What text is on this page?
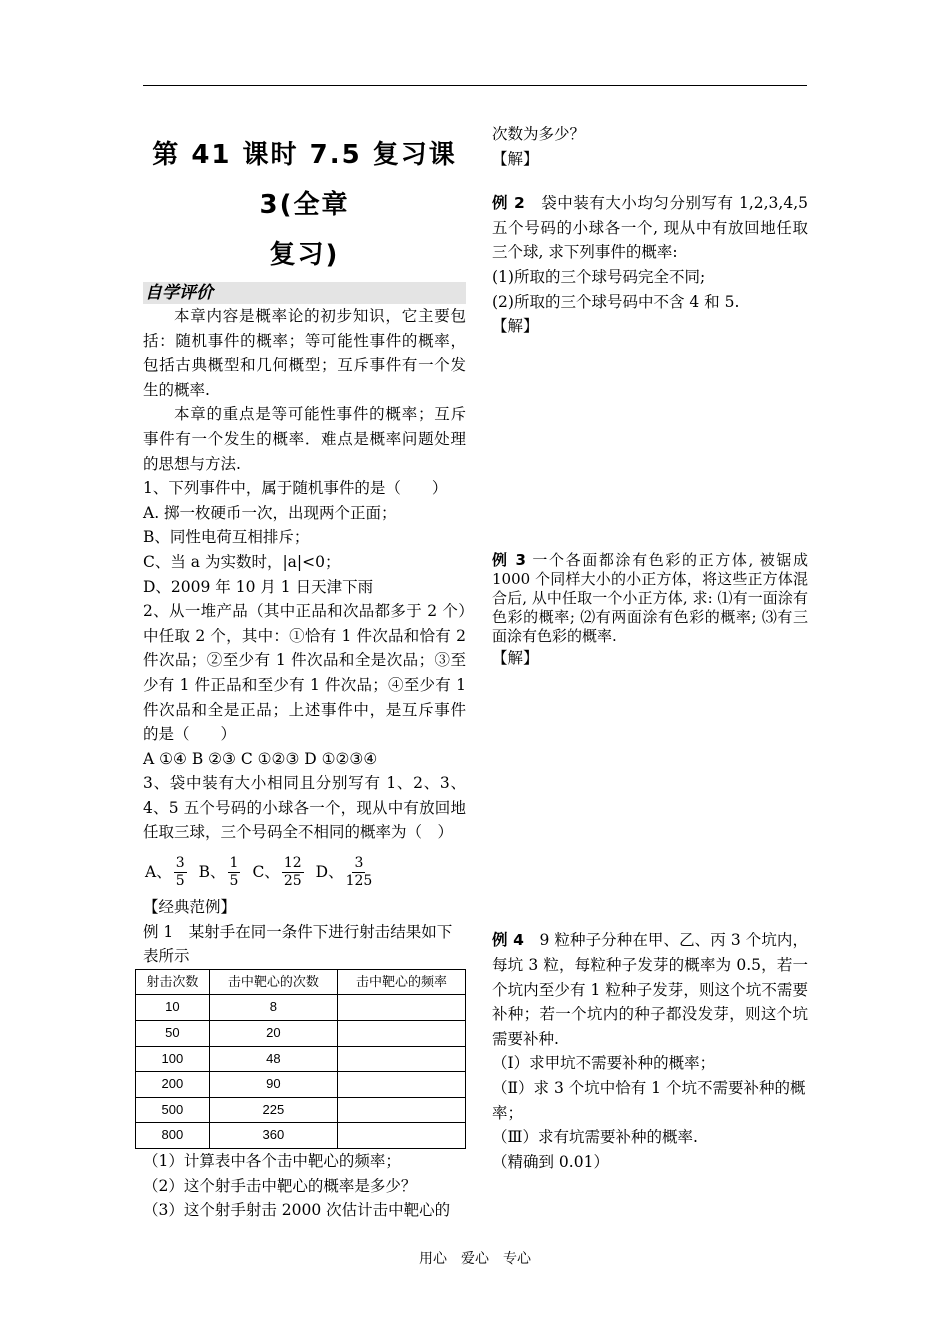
第 41 课时 7.5 复习课 3(全章
复习)
自学评价

本章内容是概率论的初步知识，它主要包括：随机事件的概率；等可能性事件的概率，包括古典概型和几何概型；互斥事件有一个发生的概率.

本章的重点是等可能性事件的概率；互斥事件有一个发生的概率．难点是概率问题处理的思想与方法.

1、下列事件中，属于随机事件的是（　　）

A. 掷一枚硬币一次，出现两个正面；

B、同性电荷互相排斥；

C、当 a 为实数时，|a|<0；

D、2009 年 10 月 1 日天津下雨

2、从一堆产品（其中正品和次品都多于 2 个）中任取 2 个，其中：①恰有 1 件次品和恰有 2 件次品；②至少有 1 件次品和全是次品；③至少有 1 件正品和至少有 1 件次品；④至少有 1 件次品和全是正品；上述事件中，是互斥事件的是（　　）

A ①④ B ②③ C ①②③ D ①②③④

3、袋中装有大小相同且分别写有 1、2、3、4、5 五个号码的小球各一个，现从中有放回地任取三球，三个号码全不相同的概率为（　）

A、 $\frac{3}{5}$ B、 $\frac{1}{5}$ C、 $\frac{12}{25}$ D、 $\frac{3}{125}$

【经典范例】

例 1　某射手在同一条件下进行射击结果如下表所示

射击次数	击中靶心的次数	击中靶心的频率
10	8	
50	20	
100	48	
200	90	
500	225	
800	360	

（1）计算表中各个击中靶心的频率；

（2）这个射手击中靶心的概率是多少？

（3）这个射手射击 2000 次估计击中靶心的

次数为多少？

【解】

例 2　袋中装有大小均匀分别写有 1,2,3,4,5 五个号码的小球各一个, 现从中有放回地任取三个球, 求下列事件的概率:

(1)所取的三个球号码完全不同;

(2)所取的三个球号码中不含 4 和 5.

【解】

例 3 一个各面都涂有色彩的正方体, 被锯成 1000 个同样大小的小正方体，将这些正方体混合后, 从中任取一个小正方体, 求: ⑴有一面涂有色彩的概率; ⑵有两面涂有色彩的概率; ⑶有三面涂有色彩的概率.

【解】

例 4　9 粒种子分种在甲、乙、丙 3 个坑内，每坑 3 粒，每粒种子发芽的概率为 0.5，若一个坑内至少有 1 粒种子发芽，则这个坑不需要补种；若一个坑内的种子都没发芽，则这个坑需要补种.

（Ⅰ）求甲坑不需要补种的概率；

（Ⅱ）求 3 个坑中恰有 1 个坑不需要补种的概率；

（Ⅲ）求有坑需要补种的概率.

（精确到 0.01）

用心　爱心　专心
